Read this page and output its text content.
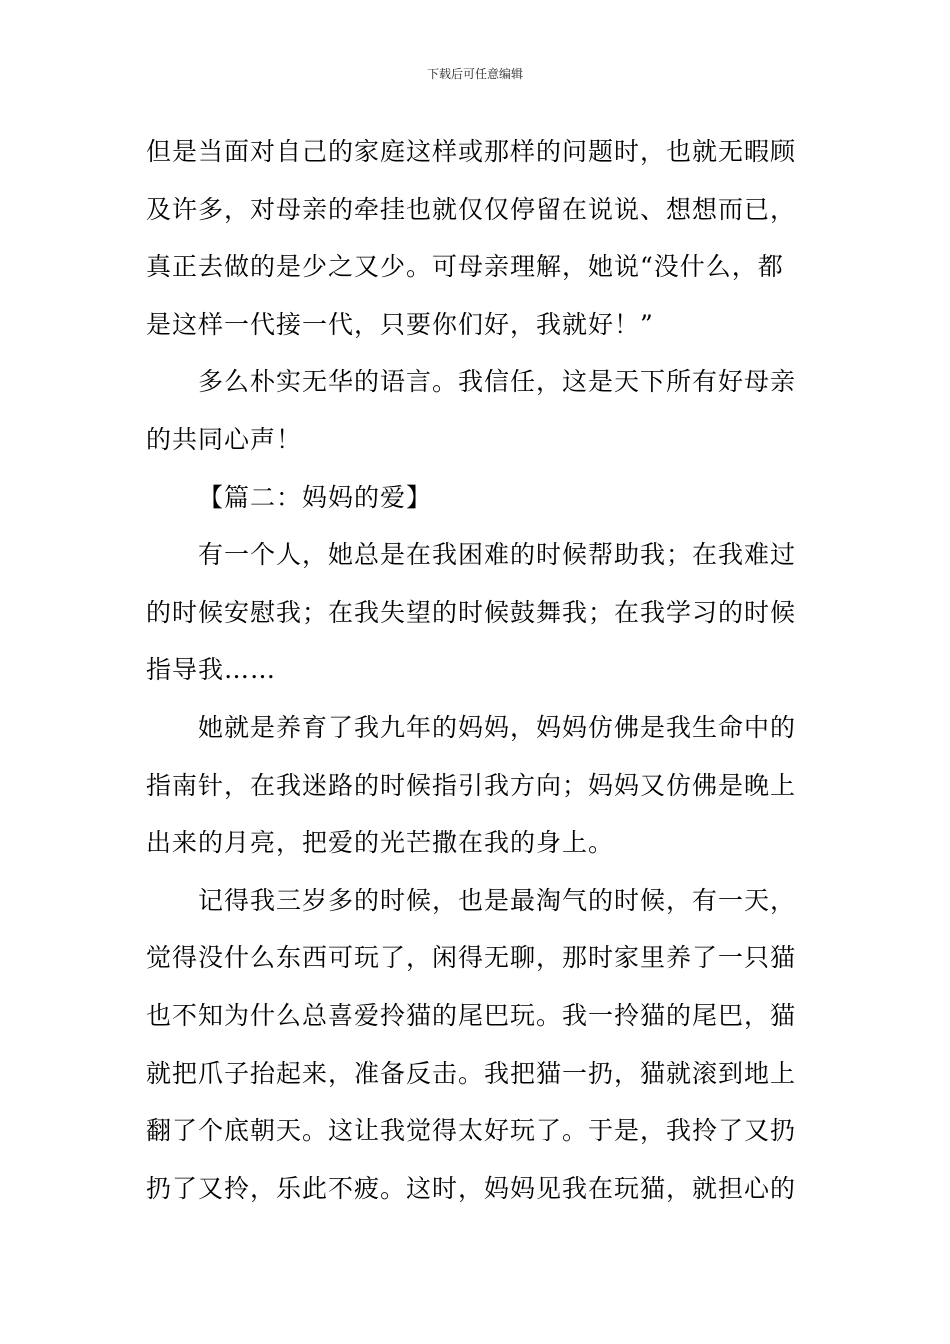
下载后可任意编辑
但是当面对自己的家庭这样或那样的问题时，也就无暇顾
及许多，对母亲的牵挂也就仅仅停留在说说、想想而已，
真正去做的是少之又少。可母亲理解，她说“没什么，都
是这样一代接一代，只要你们好，我就好！”
多么朴实无华的语言。我信任，这是天下所有好母亲
的共同心声！
【篇二：妈妈的爱】
有一个人，她总是在我困难的时候帮助我；在我难过
的时候安慰我；在我失望的时候鼓舞我；在我学习的时候
指导我……
她就是养育了我九年的妈妈，妈妈仿佛是我生命中的
指南针，在我迷路的时候指引我方向；妈妈又仿佛是晚上
出来的月亮，把爱的光芒撒在我的身上。
记得我三岁多的时候，也是最淘气的时候，有一天，
觉得没什么东西可玩了，闲得无聊，那时家里养了一只猫
也不知为什么总喜爱拎猫的尾巴玩。我一拎猫的尾巴，猫
就把爪子抬起来，准备反击。我把猫一扔，猫就滚到地上
翻了个底朝天。这让我觉得太好玩了。于是，我拎了又扔
扔了又拎，乐此不疲。这时，妈妈见我在玩猫，就担心的
